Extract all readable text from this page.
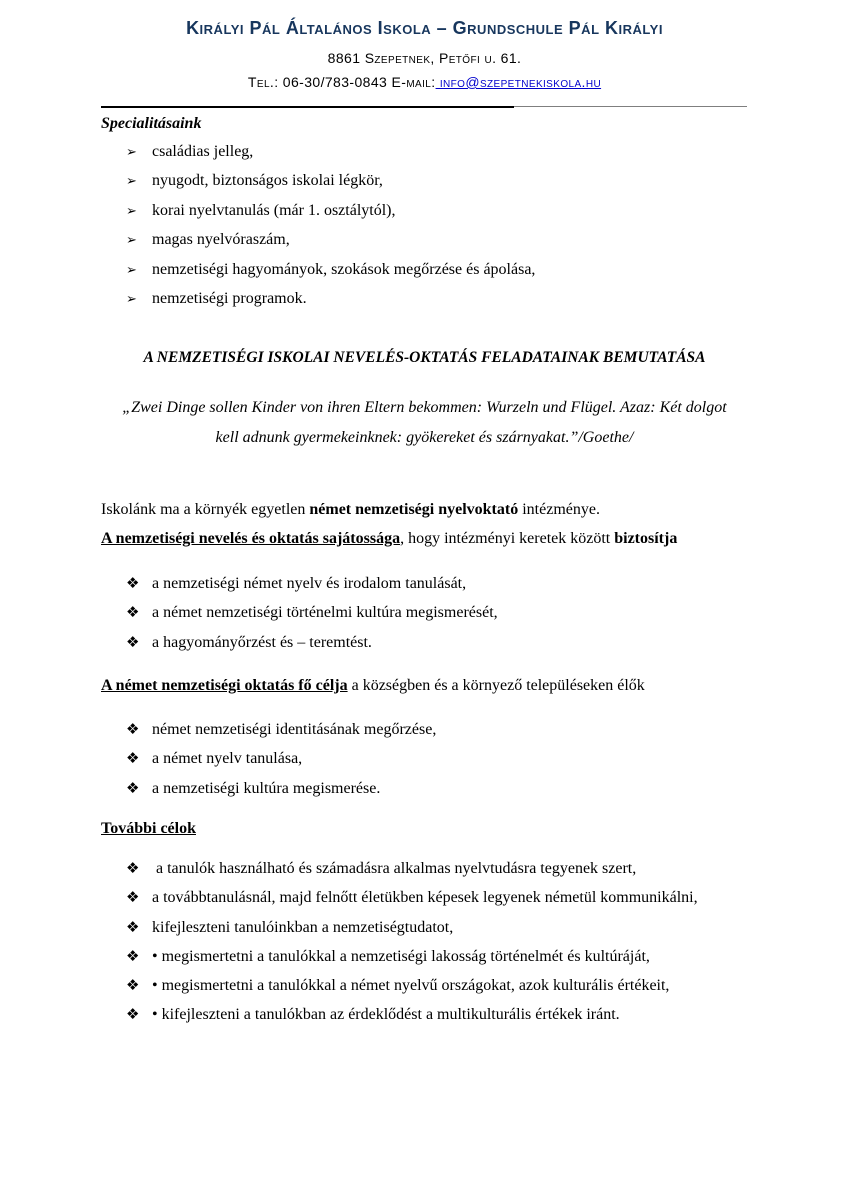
Királyi Pál Általános Iskola – Grundschule Pál Királyi
8861 Szepetnek, Petőfi u. 61.
Tel.: 06-30/783-0843 E-mail: info@szepetnekiskola.hu
Specialitásaink
➢ családias jelleg,
➢ nyugodt, biztonságos iskolai légkör,
➢ korai nyelvtanulás (már 1. osztálytól),
➢ magas nyelvóraszám,
➢ nemzetiségi hagyományok, szokások megőrzése és ápolása,
➢ nemzetiségi programok.
A NEMZETISÉGI ISKOLAI NEVELÉS-OKTATÁS FELADATAINAK BEMUTATÁSA
„Zwei Dinge sollen Kinder von ihren Eltern bekommen: Wurzeln und Flügel. Azaz: Két dolgot
kell adnunk gyermekeinknek: gyökereket és szárnyakat.”/Goethe/
Iskolánk ma a környék egyetlen német nemzetiségi nyelvoktató intézménye.
A nemzetiségi nevelés és oktatás sajátossága, hogy intézményi keretek között biztosítja
❖ a nemzetiségi német nyelv és irodalom tanulását,
❖ a német nemzetiségi történelmi kultúra megismerését,
❖ a hagyományőrzést és – teremtést.
A német nemzetiségi oktatás fő célja a községben és a környező településeken élők
❖ német nemzetiségi identitásának megőrzése,
❖ a német nyelv tanulása,
❖ a nemzetiségi kultúra megismerése.
További célok
❖ a tanulók használható és számadásra alkalmas nyelvtudásra tegyenek szert,
❖ a továbbtanulásnál, majd felnőtt életükben képesek legyenek németül kommunikálni,
❖ kifejleszteni tanulóinkban a nemzetiségtudatot,
❖ • megismertetni a tanulókkal a nemzetiségi lakosság történelmét és kultúráját,
❖ • megismertetni a tanulókkal a német nyelvű országokat, azok kulturális értékeit,
❖ • kifejleszteni a tanulókban az érdeklődést a multikulturális értékek iránt.
